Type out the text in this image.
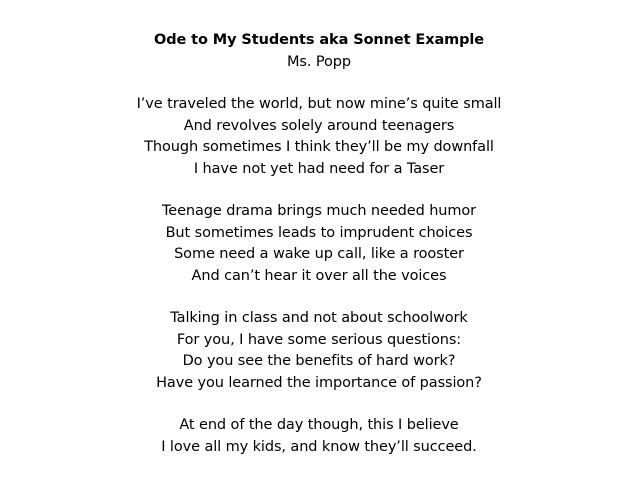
Ode to My Students aka Sonnet Example
Ms. Popp
I’ve traveled the world, but now mine’s quite small
And revolves solely around teenagers
Though sometimes I think they’ll be my downfall
I have not yet had need for a Taser
Teenage drama brings much needed humor
But sometimes leads to imprudent choices
Some need a wake up call, like a rooster
And can’t hear it over all the voices
Talking in class and not about schoolwork
For you, I have some serious questions:
Do you see the benefits of hard work?
Have you learned the importance of passion?
At end of the day though, this I believe
I love all my kids, and know they’ll succeed.
